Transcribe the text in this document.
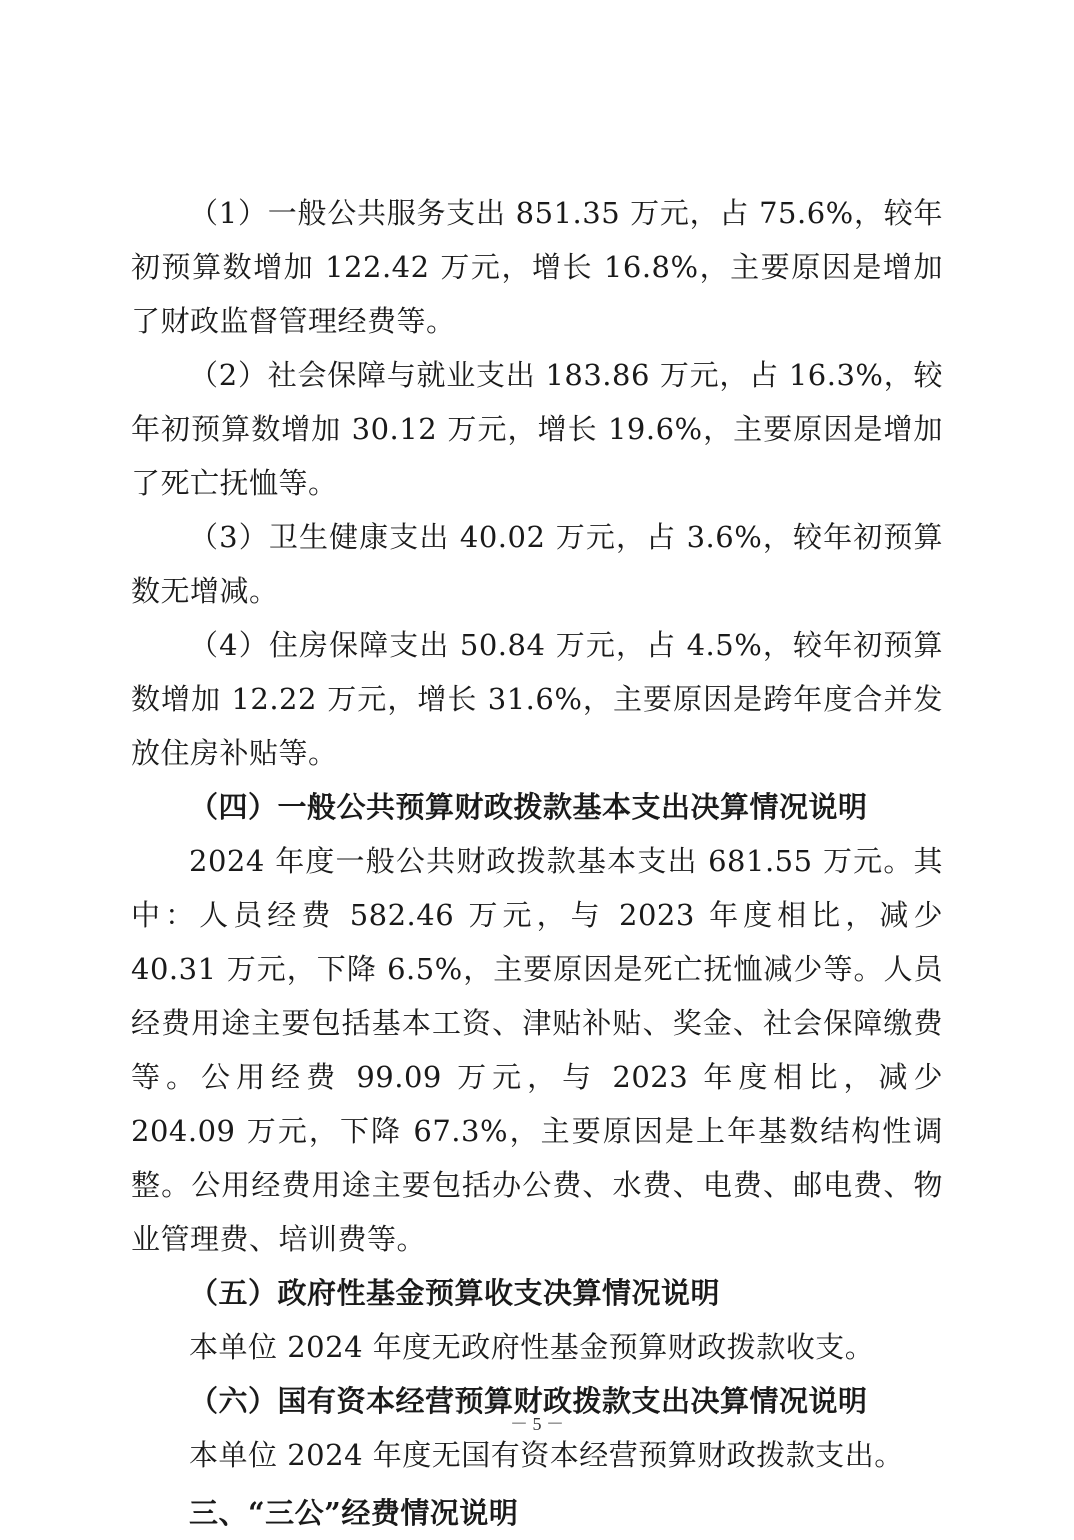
（1）一般公共服务支出 851.35 万元，占 75.6%，较年初预算数增加 122.42 万元，增长 16.8%，主要原因是增加了财政监督管理经费等。

（2）社会保障与就业支出 183.86 万元，占 16.3%，较年初预算数增加 30.12 万元，增长 19.6%，主要原因是增加了死亡抚恤等。

（3）卫生健康支出 40.02 万元，占 3.6%，较年初预算数无增减。

（4）住房保障支出 50.84 万元，占 4.5%，较年初预算数增加 12.22 万元，增长 31.6%，主要原因是跨年度合并发放住房补贴等。

（四）一般公共预算财政拨款基本支出决算情况说明

2024 年度一般公共财政拨款基本支出 681.55 万元。其中：人员经费 582.46 万元，与 2023 年度相比，减少 40.31 万元，下降 6.5%，主要原因是死亡抚恤减少等。人员经费用途主要包括基本工资、津贴补贴、奖金、社会保障缴费等。公用经费 99.09 万元，与 2023 年度相比，减少 204.09 万元，下降 67.3%，主要原因是上年基数结构性调整。公用经费用途主要包括办公费、水费、电费、邮电费、物业管理费、培训费等。

（五）政府性基金预算收支决算情况说明

本单位 2024 年度无政府性基金预算财政拨款收支。

（六）国有资本经营预算财政拨款支出决算情况说明

本单位 2024 年度无国有资本经营预算财政拨款支出。

三、“三公”经费情况说明

－ 5 －
